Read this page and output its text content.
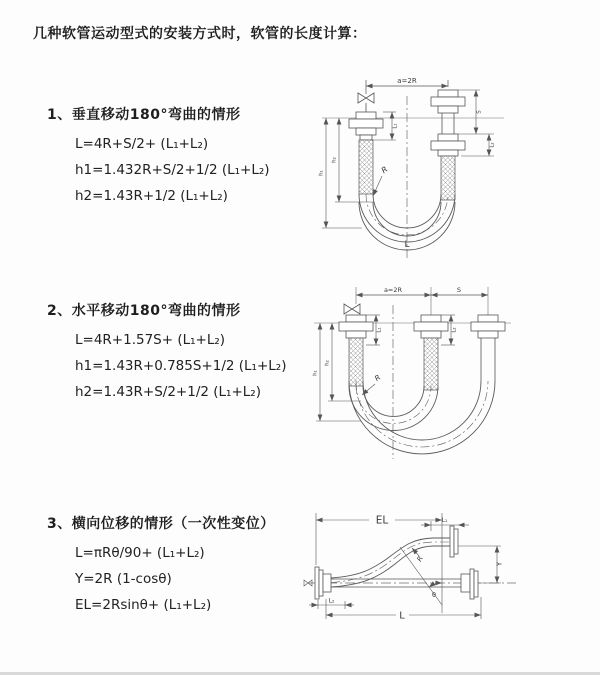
几种软管运动型式的安装方式时，软管的长度计算：
1、垂直移动180°弯曲的情形
L=4R+S/2+ (L₁+L₂)
h1=1.432R+S/2+1/2 (L₁+L₂)
h2=1.43R+1/2 (L₁+L₂)
a=2R
L₁
S
L₂
h₁
h₂
R
L
2、水平移动180°弯曲的情形
L=4R+1.57S+ (L₁+L₂)
h1=1.43R+0.785S+1/2 (L₁+L₂)
h2=1.43R+S/2+1/2 (L₁+L₂)
a=2R	S
L₁	L₂
h₁
h₂
R
3、横向位移的情形（一次性变位）
L=πRθ/90+ (L₁+L₂)
Y=2R (1-cosθ)
EL=2Rsinθ+ (L₁+L₂)
EL	L₁
Y
R
θ
L
L₂
